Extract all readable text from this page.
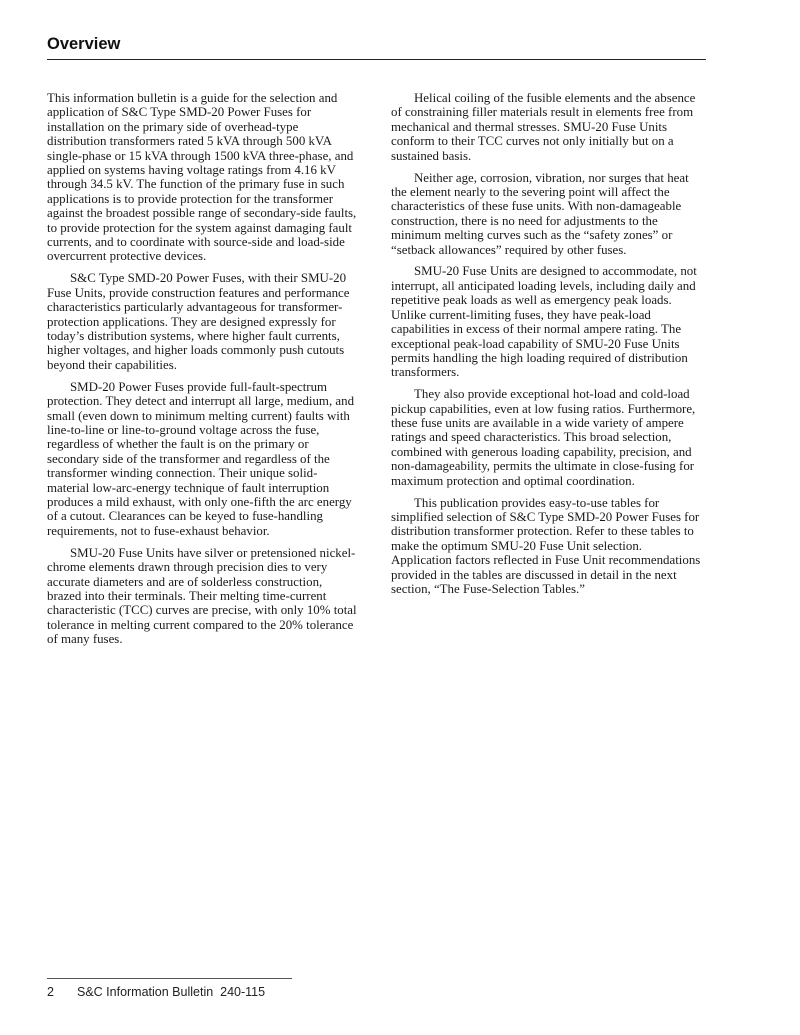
Overview

This information bulletin is a guide for the selection and application of S&C Type SMD-20 Power Fuses for installation on the primary side of overhead-type distribution transformers rated 5 kVA through 500 kVA single-phase or 15 kVA through 1500 kVA three-phase, and applied on systems having voltage ratings from 4.16 kV through 34.5 kV. The function of the primary fuse in such applications is to provide protection for the transformer against the broadest possible range of secondary-side faults, to provide protection for the system against damaging fault currents, and to coordinate with source-side and load-side overcurrent protective devices.

S&C Type SMD-20 Power Fuses, with their SMU-20 Fuse Units, provide construction features and performance characteristics particularly advantageous for transformer-protection applications. They are designed expressly for today’s distribution systems, where higher fault currents, higher voltages, and higher loads commonly push cutouts beyond their capabilities.

SMD-20 Power Fuses provide full-fault-spectrum protection. They detect and interrupt all large, medium, and small (even down to minimum melting current) faults with line-to-line or line-to-ground voltage across the fuse, regardless of whether the fault is on the primary or secondary side of the transformer and regardless of the transformer winding connection. Their unique solid-material low-arc-energy technique of fault interruption produces a mild exhaust, with only one-fifth the arc energy of a cutout. Clearances can be keyed to fuse-handling requirements, not to fuse-exhaust behavior.

SMU-20 Fuse Units have silver or pretensioned nickel-chrome elements drawn through precision dies to very accurate diameters and are of solderless construction, brazed into their terminals. Their melting time-current characteristic (TCC) curves are precise, with only 10% total tolerance in melting current compared to the 20% tolerance of many fuses.

Helical coiling of the fusible elements and the absence of constraining filler materials result in elements free from mechanical and thermal stresses. SMU-20 Fuse Units conform to their TCC curves not only initially but on a sustained basis.

Neither age, corrosion, vibration, nor surges that heat the element nearly to the severing point will affect the characteristics of these fuse units. With non-damageable construction, there is no need for adjustments to the minimum melting curves such as the “safety zones” or “setback allowances” required by other fuses.

SMU-20 Fuse Units are designed to accommodate, not interrupt, all anticipated loading levels, including daily and repetitive peak loads as well as emergency peak loads. Unlike current-limiting fuses, they have peak-load capabilities in excess of their normal ampere rating. The exceptional peak-load capability of SMU-20 Fuse Units permits handling the high loading required of distribution transformers.

They also provide exceptional hot-load and cold-load pickup capabilities, even at low fusing ratios. Furthermore, these fuse units are available in a wide variety of ampere ratings and speed characteristics. This broad selection, combined with generous loading capability, precision, and non-damageability, permits the ultimate in close-fusing for maximum protection and optimal coordination.

This publication provides easy-to-use tables for simplified selection of S&C Type SMD-20 Power Fuses for distribution transformer protection. Refer to these tables to make the optimum SMU-20 Fuse Unit selection. Application factors reflected in Fuse Unit recommendations provided in the tables are discussed in detail in the next section, “The Fuse-Selection Tables.”

2 S&C Information Bulletin  240-115
